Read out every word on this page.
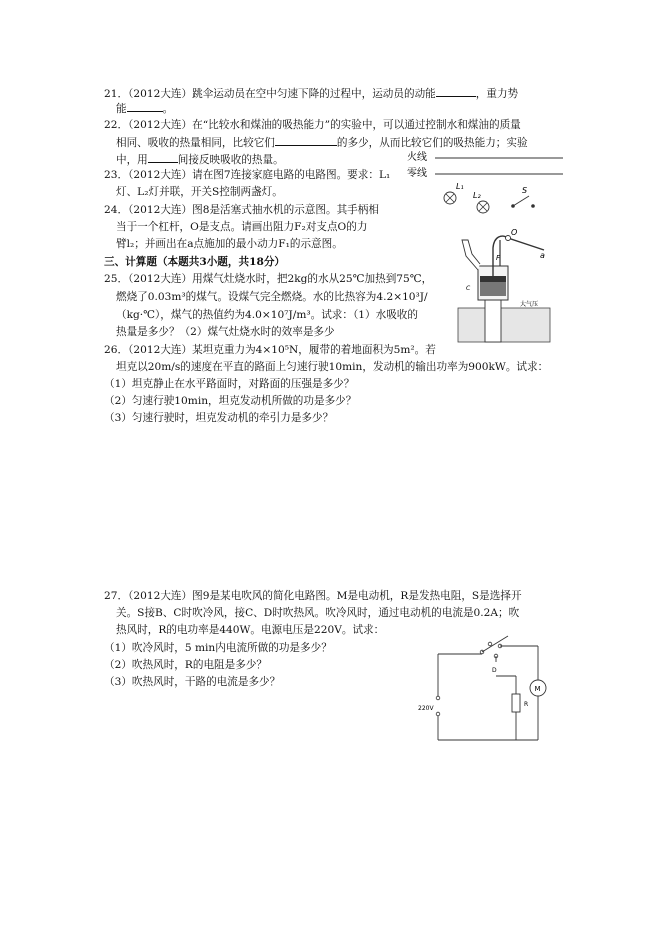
21．（2012大连）跳伞运动员在空中匀速下降的过程中，运动员的动能	，重力势
能	。
22．（2012大连）在“比较水和煤油的吸热能力”的实验中，可以通过控制水和煤油的质量
相同、吸收的热量相同，比较它们	的多少，从而比较它们的吸热能力；实验
中，用	间接反映吸收的热量。
23．（2012大连）请在图7连接家庭电路的电路图。要求：L₁
灯、L₂灯并联，开关S控制两盏灯。
24．（2012大连）图8是活塞式抽水机的示意图。其手柄相
当于一个杠杆，O是支点。请画出阻力F₂对支点O的力
臂l₂；并画出在a点施加的最小动力F₁的示意图。
三、计算题（本题共3小题，共18分）
25．（2012大连）用煤气灶烧水时，把2kg的水从25℃加热到75℃，
燃烧了0.03m³的煤气。设煤气完全燃烧。水的比热容为4.2×10³J/
（kg·℃），煤气的热值约为4.0×10⁷J/m³。试求：（1）水吸收的
热量是多少？（2）煤气灶烧水时的效率是多少
26．（2012大连）某坦克重力为4×10⁵N，履带的着地面积为5m²。若
坦克以20m/s的速度在平直的路面上匀速行驶10min，发动机的输出功率为900kW。试求：
（1）坦克静止在水平路面时，对路面的压强是多少？
（2）匀速行驶10min，坦克发动机所做的功是多少？
（3）匀速行驶时，坦克发动机的牵引力是多少？
27．（2012大连）图9是某电吹风的简化电路图。M是电动机，R是发热电阻，S是选择开
关。S接B、C时吹冷风，接C、D时吹热风。吹冷风时，通过电动机的电流是0.2A；吹
热风时，R的电功率是440W。电源电压是220V。试求：
（1）吹冷风时，5 min内电流所做的功是多少？
（2）吹热风时，R的电阻是多少？
（3）吹热风时，干路的电流是多少？
火线
零线
L₁
L₂
S
大气压
O
a
F
C
220V
M
D
R
